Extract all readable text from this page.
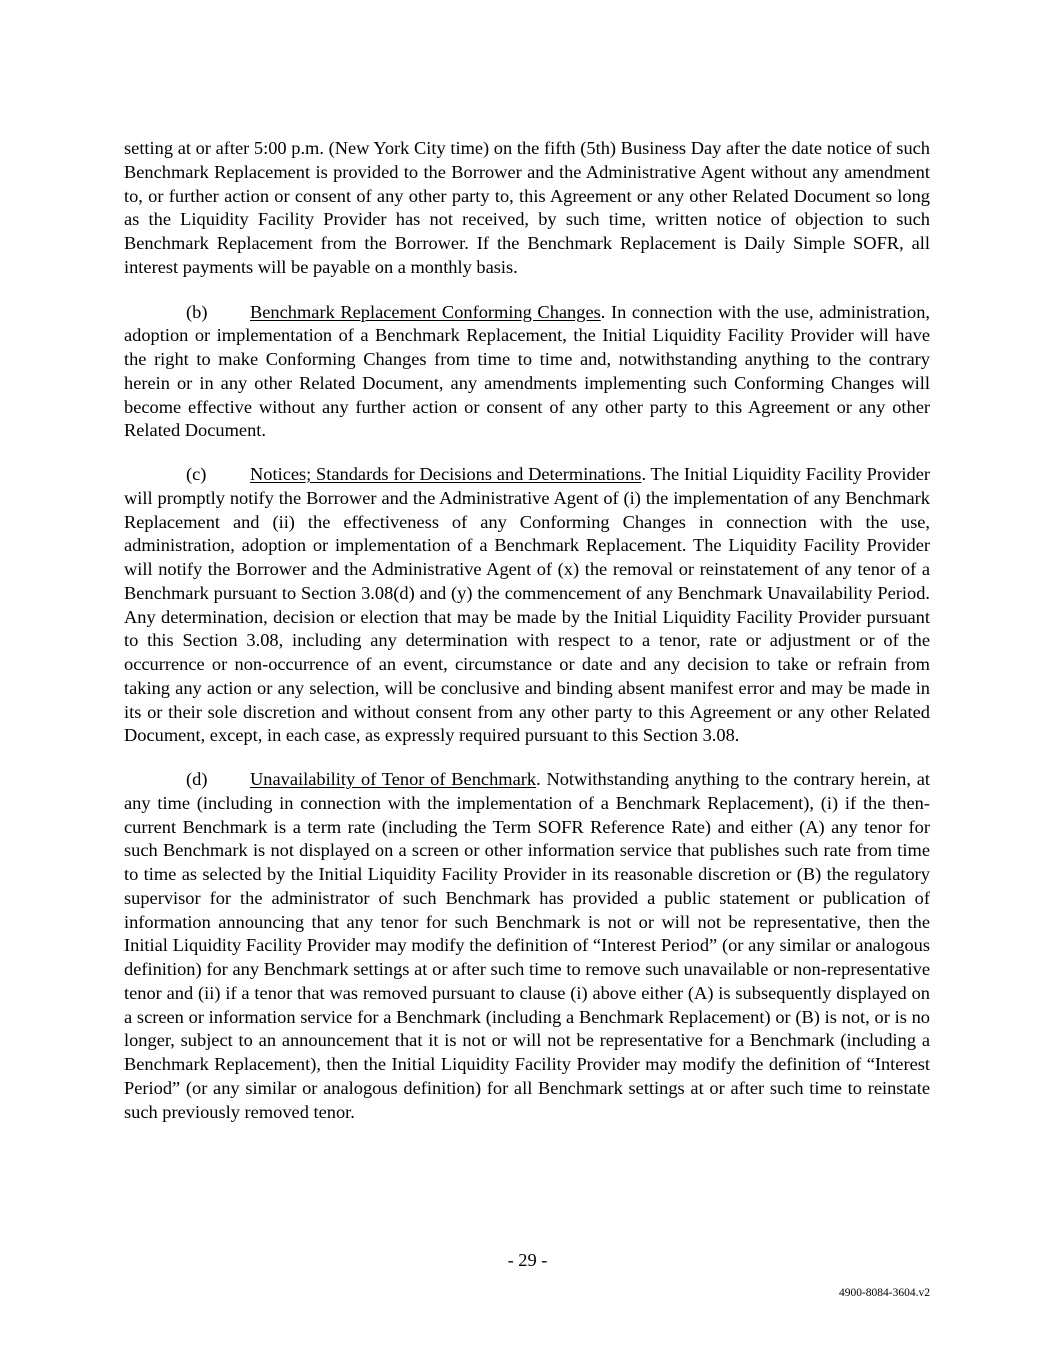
setting at or after 5:00 p.m. (New York City time) on the fifth (5th) Business Day after the date notice of such Benchmark Replacement is provided to the Borrower and the Administrative Agent without any amendment to, or further action or consent of any other party to, this Agreement or any other Related Document so long as the Liquidity Facility Provider has not received, by such time, written notice of objection to such Benchmark Replacement from the Borrower. If the Benchmark Replacement is Daily Simple SOFR, all interest payments will be payable on a monthly basis.

(b) Benchmark Replacement Conforming Changes. In connection with the use, administration, adoption or implementation of a Benchmark Replacement, the Initial Liquidity Facility Provider will have the right to make Conforming Changes from time to time and, notwithstanding anything to the contrary herein or in any other Related Document, any amendments implementing such Conforming Changes will become effective without any further action or consent of any other party to this Agreement or any other Related Document.

(c) Notices; Standards for Decisions and Determinations. The Initial Liquidity Facility Provider will promptly notify the Borrower and the Administrative Agent of (i) the implementation of any Benchmark Replacement and (ii) the effectiveness of any Conforming Changes in connection with the use, administration, adoption or implementation of a Benchmark Replacement. The Liquidity Facility Provider will notify the Borrower and the Administrative Agent of (x) the removal or reinstatement of any tenor of a Benchmark pursuant to Section 3.08(d) and (y) the commencement of any Benchmark Unavailability Period. Any determination, decision or election that may be made by the Initial Liquidity Facility Provider pursuant to this Section 3.08, including any determination with respect to a tenor, rate or adjustment or of the occurrence or non-occurrence of an event, circumstance or date and any decision to take or refrain from taking any action or any selection, will be conclusive and binding absent manifest error and may be made in its or their sole discretion and without consent from any other party to this Agreement or any other Related Document, except, in each case, as expressly required pursuant to this Section 3.08.

(d) Unavailability of Tenor of Benchmark. Notwithstanding anything to the contrary herein, at any time (including in connection with the implementation of a Benchmark Replacement), (i) if the then-current Benchmark is a term rate (including the Term SOFR Reference Rate) and either (A) any tenor for such Benchmark is not displayed on a screen or other information service that publishes such rate from time to time as selected by the Initial Liquidity Facility Provider in its reasonable discretion or (B) the regulatory supervisor for the administrator of such Benchmark has provided a public statement or publication of information announcing that any tenor for such Benchmark is not or will not be representative, then the Initial Liquidity Facility Provider may modify the definition of “Interest Period” (or any similar or analogous definition) for any Benchmark settings at or after such time to remove such unavailable or non-representative tenor and (ii) if a tenor that was removed pursuant to clause (i) above either (A) is subsequently displayed on a screen or information service for a Benchmark (including a Benchmark Replacement) or (B) is not, or is no longer, subject to an announcement that it is not or will not be representative for a Benchmark (including a Benchmark Replacement), then the Initial Liquidity Facility Provider may modify the definition of “Interest Period” (or any similar or analogous definition) for all Benchmark settings at or after such time to reinstate such previously removed tenor.

- 29 -
4900-8084-3604.v2
